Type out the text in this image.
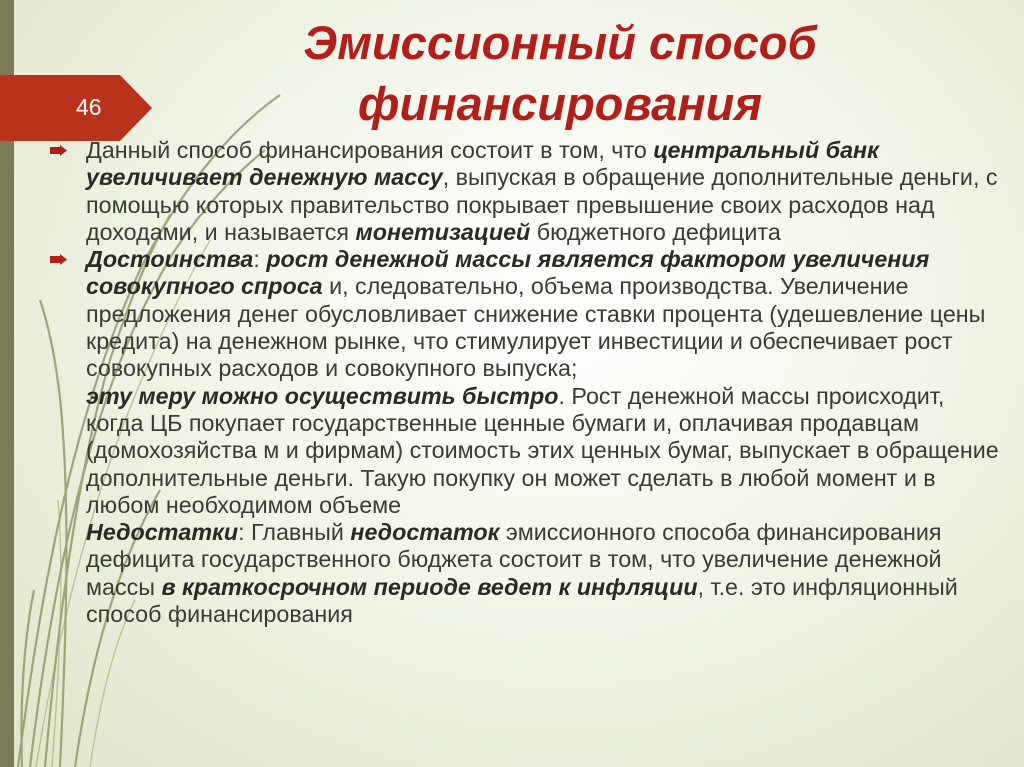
46
Эмиссионный способ
финансирования
Данный способ финансирования состоит в том, что центральный банк увеличивает денежную массу, выпуская в обращение дополнительные деньги, с помощью которых правительство покрывает превышение своих расходов над доходами, и называется монетизацией бюджетного дефицита
Достоинства: рост денежной массы является фактором увеличения совокупного спроса и, следовательно, объема производства. Увеличение предложения денег обусловливает снижение ставки процента (удешевление цены кредита) на денежном рынке, что стимулирует инвестиции и обеспечивает рост совокупных расходов и совокупного выпуска;
эту меру можно осуществить быстро. Рост денежной массы происходит, когда ЦБ покупает государственные ценные бумаги и, оплачивая продавцам (домохозяйства м и фирмам) стоимость этих ценных бумаг, выпускает в обращение дополнительные деньги. Такую покупку он может сделать в любой момент и в любом необходимом объеме
Недостатки: Главный недостаток эмиссионного способа финансирования дефицита государственного бюджета состоит в том, что увеличение денежной массы в краткосрочном периоде ведет к инфляции, т.е. это инфляционный способ финансирования
